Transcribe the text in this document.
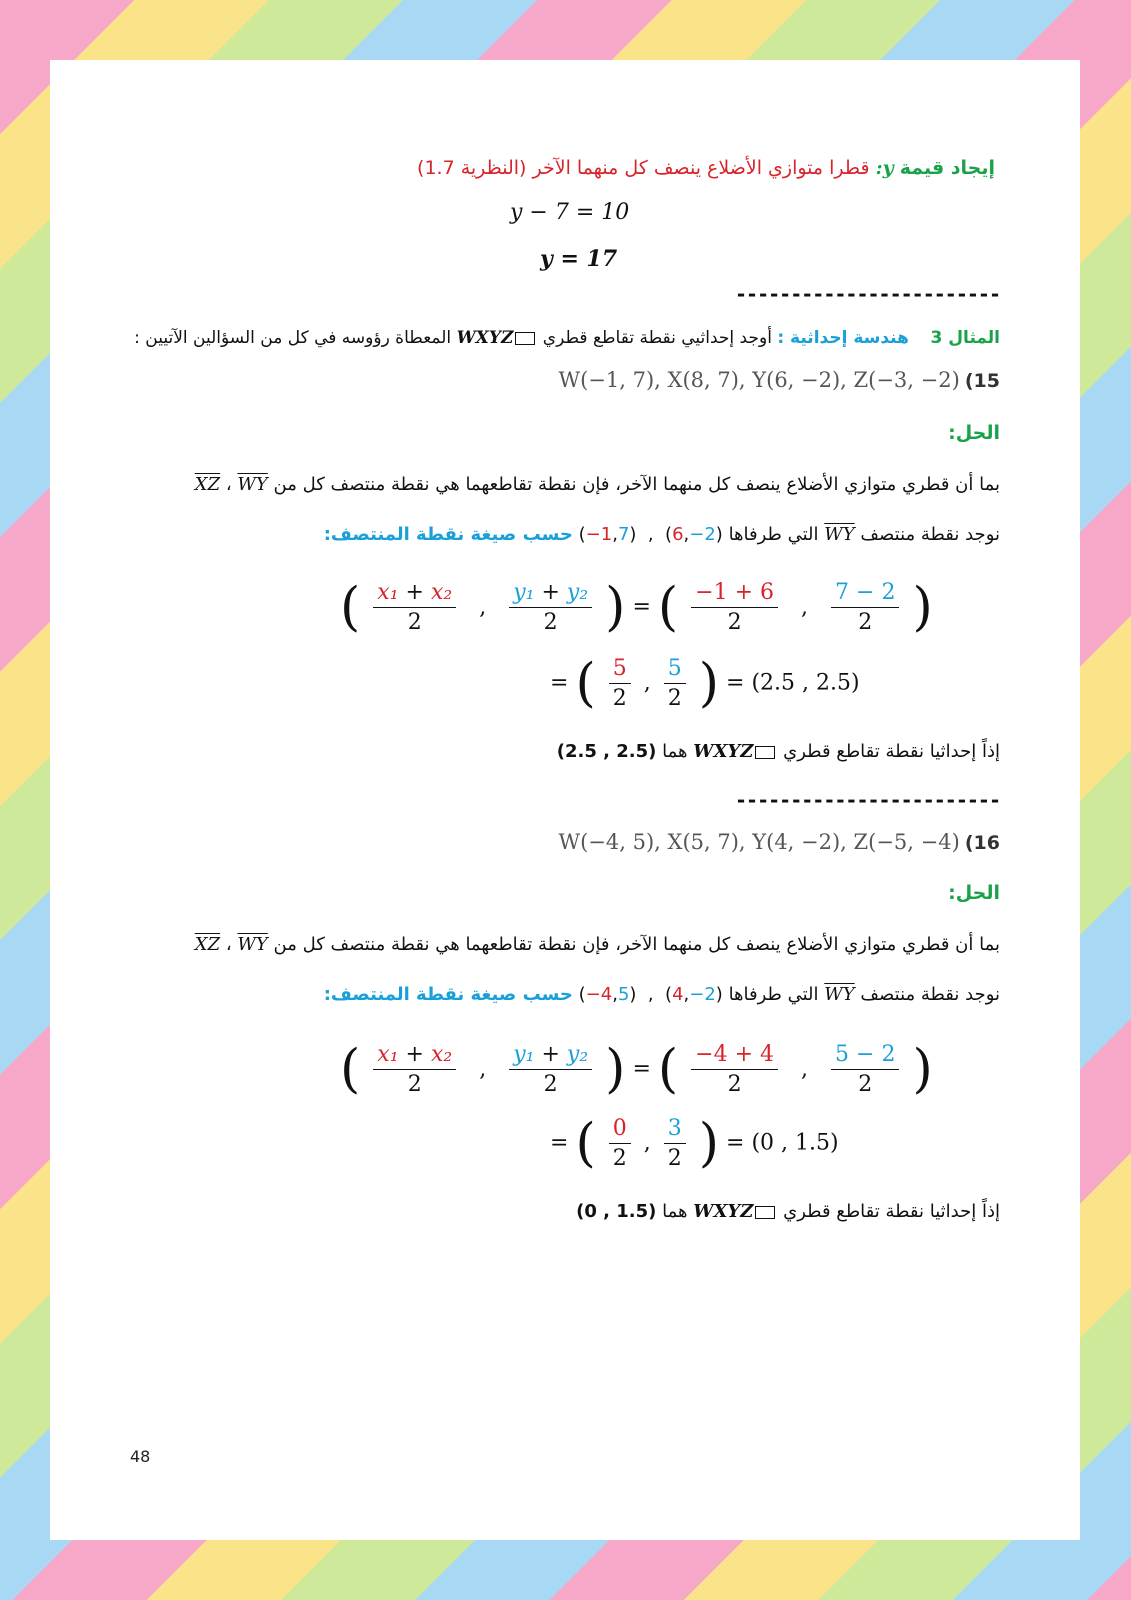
إيجاد قيمة y: قطرا متوازي الأضلاع ينصف كل منهما الآخر (النظرية 1.7)
y − 7 = 10
y = 17
------------------------
المثال 3    هندسة إحداثية : أوجد إحداثيي نقطة تقاطع قطري WXYZ المعطاة رؤوسه في كل من السؤالين الآتيين :
W(−1, 7), X(8, 7), Y(6, −2), Z(−3, −2) (15
الحل:
بما أن قطري متوازي الأضلاع ينصف كل منهما الآخر، فإن نقطة تقاطعهما هي نقطة منتصف كل من XZ ، WY
نوجد نقطة منتصف WY التي طرفاها (−1,7)  ,  (6,−2) حسب صيغة نقطة المنتصف:
( $\frac{\text{x₁ + x₂}}{2}$ , $\frac{\text{y₁ + y₂}}{2}$ ) = ( $\frac{-1 + 6}{2}$ , $\frac{7 - 2}{2}$ )
= ( $\frac{5}{2}$ , $\frac{5}{2}$ ) = (2.5 , 2.5)
إذاً إحداثيا نقطة تقاطع قطري WXYZ هما (2.5 , 2.5)
------------------------
W(−4, 5), X(5, 7), Y(4, −2), Z(−5, −4) (16
الحل:
بما أن قطري متوازي الأضلاع ينصف كل منهما الآخر، فإن نقطة تقاطعهما هي نقطة منتصف كل من XZ ، WY
نوجد نقطة منتصف WY التي طرفاها (−4,5)  ,  (4,−2) حسب صيغة نقطة المنتصف:
( $\frac{\text{x₁ + x₂}}{2}$ , $\frac{\text{y₁ + y₂}}{2}$ ) = ( $\frac{-4 + 4}{2}$ , $\frac{5 - 2}{2}$ )
= ( $\frac{0}{2}$ , $\frac{3}{2}$ ) = (0 , 1.5)
إذاً إحداثيا نقطة تقاطع قطري WXYZ هما (0 , 1.5)
48
